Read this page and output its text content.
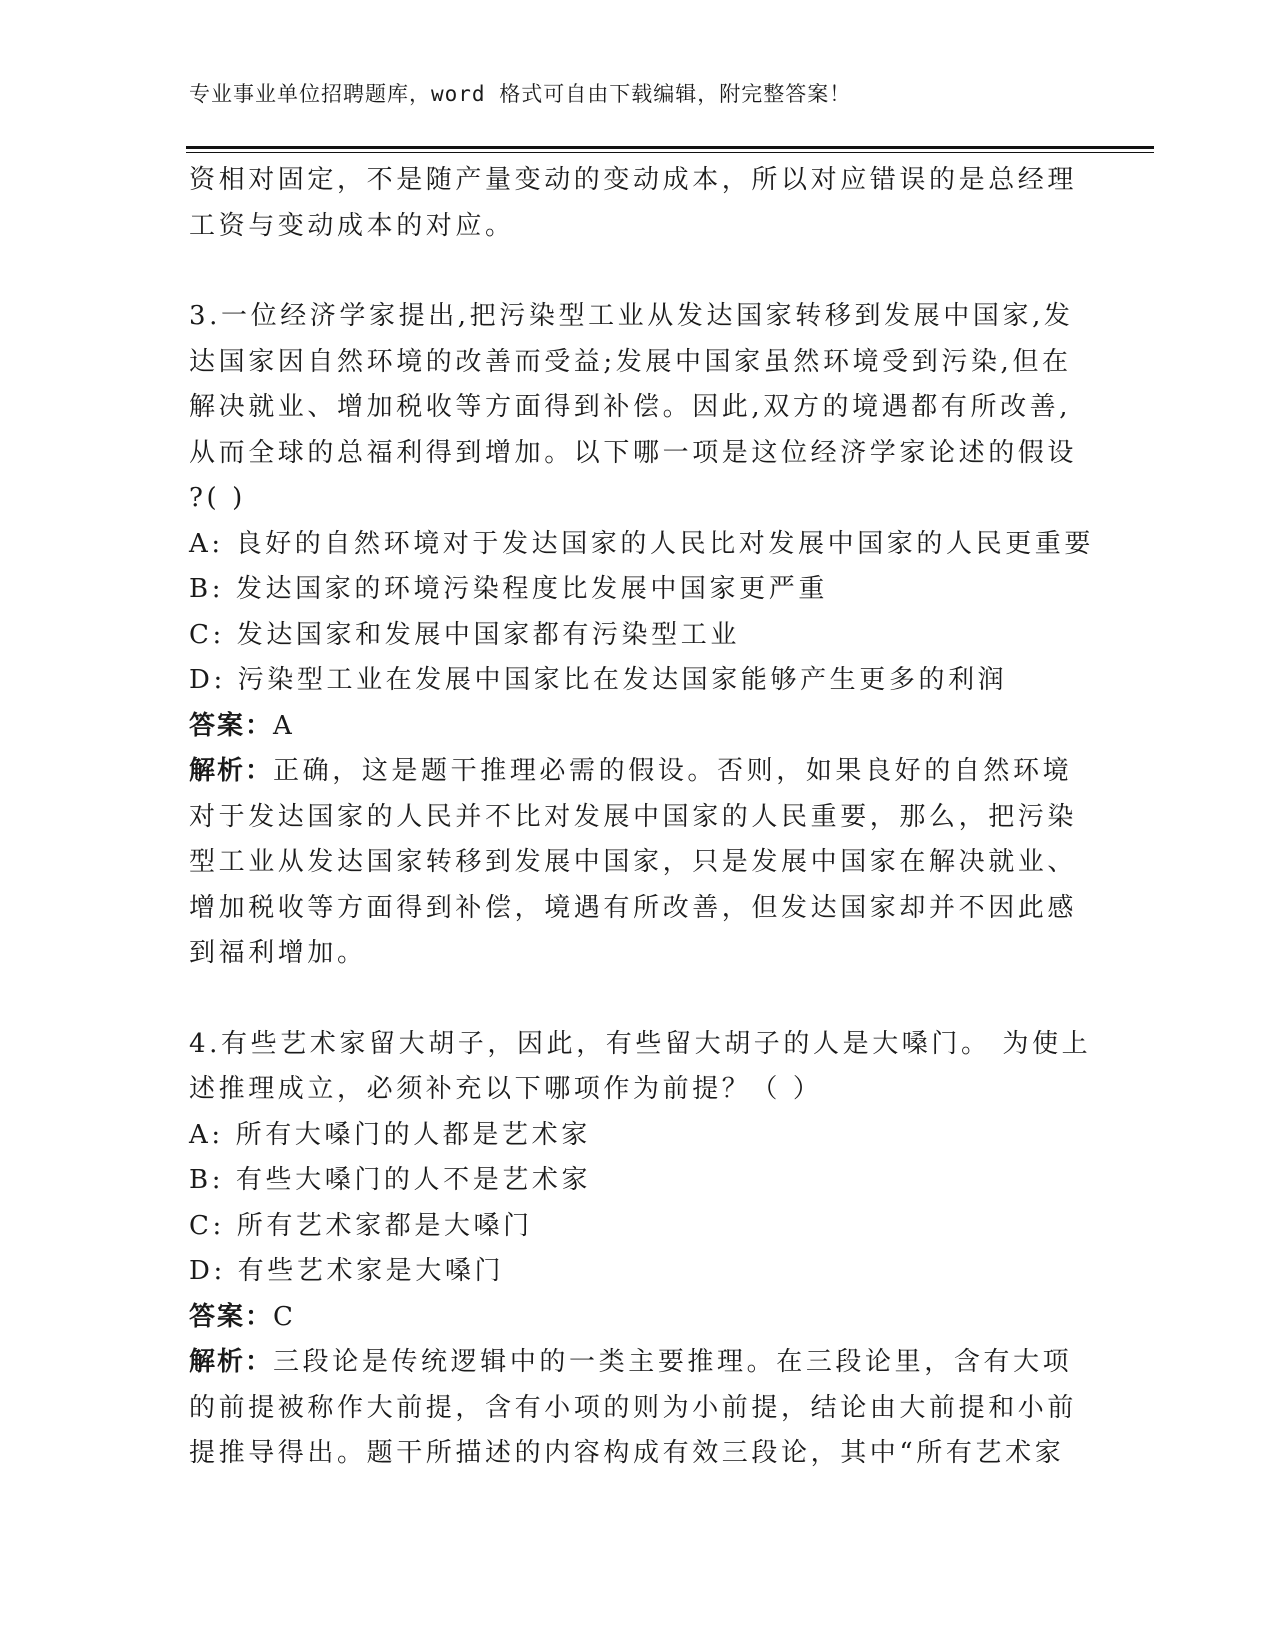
专业事业单位招聘题库，word 格式可自由下载编辑，附完整答案！

资相对固定，不是随产量变动的变动成本，所以对应错误的是总经理

工资与变动成本的对应。

3.一位经济学家提出,把污染型工业从发达国家转移到发展中国家,发

达国家因自然环境的改善而受益;发展中国家虽然环境受到污染,但在

解决就业、增加税收等方面得到补偿。因此,双方的境遇都有所改善,

从而全球的总福利得到增加。以下哪一项是这位经济学家论述的假设

?( )

A: 良好的自然环境对于发达国家的人民比对发展中国家的人民更重要

B: 发达国家的环境污染程度比发展中国家更严重

C: 发达国家和发展中国家都有污染型工业

D: 污染型工业在发展中国家比在发达国家能够产生更多的利润

答案：A

解析：正确，这是题干推理必需的假设。否则，如果良好的自然环境

对于发达国家的人民并不比对发展中国家的人民重要，那么，把污染

型工业从发达国家转移到发展中国家，只是发展中国家在解决就业、

增加税收等方面得到补偿，境遇有所改善，但发达国家却并不因此感

到福利增加。

4.有些艺术家留大胡子，因此，有些留大胡子的人是大嗓门。 为使上

述推理成立，必须补充以下哪项作为前提？（ ）

A: 所有大嗓门的人都是艺术家

B: 有些大嗓门的人不是艺术家

C: 所有艺术家都是大嗓门

D: 有些艺术家是大嗓门

答案：C

解析：三段论是传统逻辑中的一类主要推理。在三段论里，含有大项

的前提被称作大前提，含有小项的则为小前提，结论由大前提和小前

提推导得出。题干所描述的内容构成有效三段论，其中“所有艺术家
